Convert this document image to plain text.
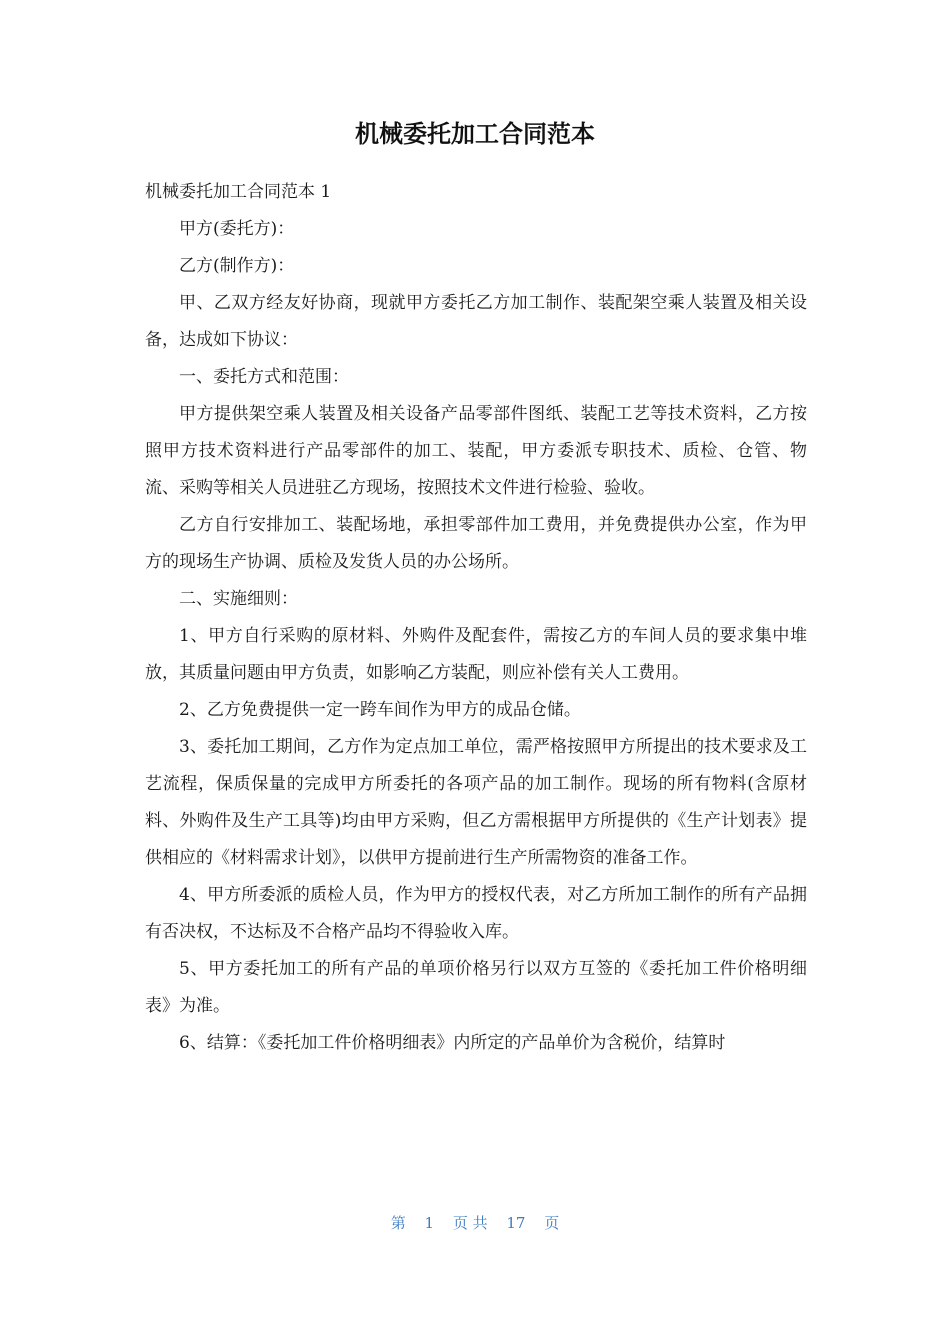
机械委托加工合同范本

机械委托加工合同范本 1

甲方(委托方)：

乙方(制作方)：

甲、乙双方经友好协商，现就甲方委托乙方加工制作、装配架空乘人装置及相关设备，达成如下协议：

一、委托方式和范围：

甲方提供架空乘人装置及相关设备产品零部件图纸、装配工艺等技术资料，乙方按照甲方技术资料进行产品零部件的加工、装配，甲方委派专职技术、质检、仓管、物流、采购等相关人员进驻乙方现场，按照技术文件进行检验、验收。

乙方自行安排加工、装配场地，承担零部件加工费用，并免费提供办公室，作为甲方的现场生产协调、质检及发货人员的办公场所。

二、实施细则：

1、甲方自行采购的原材料、外购件及配套件，需按乙方的车间人员的要求集中堆放，其质量问题由甲方负责，如影响乙方装配，则应补偿有关人工费用。

2、乙方免费提供一定一跨车间作为甲方的成品仓储。

3、委托加工期间，乙方作为定点加工单位，需严格按照甲方所提出的技术要求及工艺流程，保质保量的完成甲方所委托的各项产品的加工制作。现场的所有物料(含原材料、外购件及生产工具等)均由甲方采购，但乙方需根据甲方所提供的《生产计划表》提供相应的《材料需求计划》，以供甲方提前进行生产所需物资的准备工作。

4、甲方所委派的质检人员，作为甲方的授权代表，对乙方所加工制作的所有产品拥有否决权，不达标及不合格产品均不得验收入库。

5、甲方委托加工的所有产品的单项价格另行以双方互签的《委托加工件价格明细表》为准。

6、结算：《委托加工件价格明细表》内所定的产品单价为含税价，结算时

第 1 页 共 17 页
